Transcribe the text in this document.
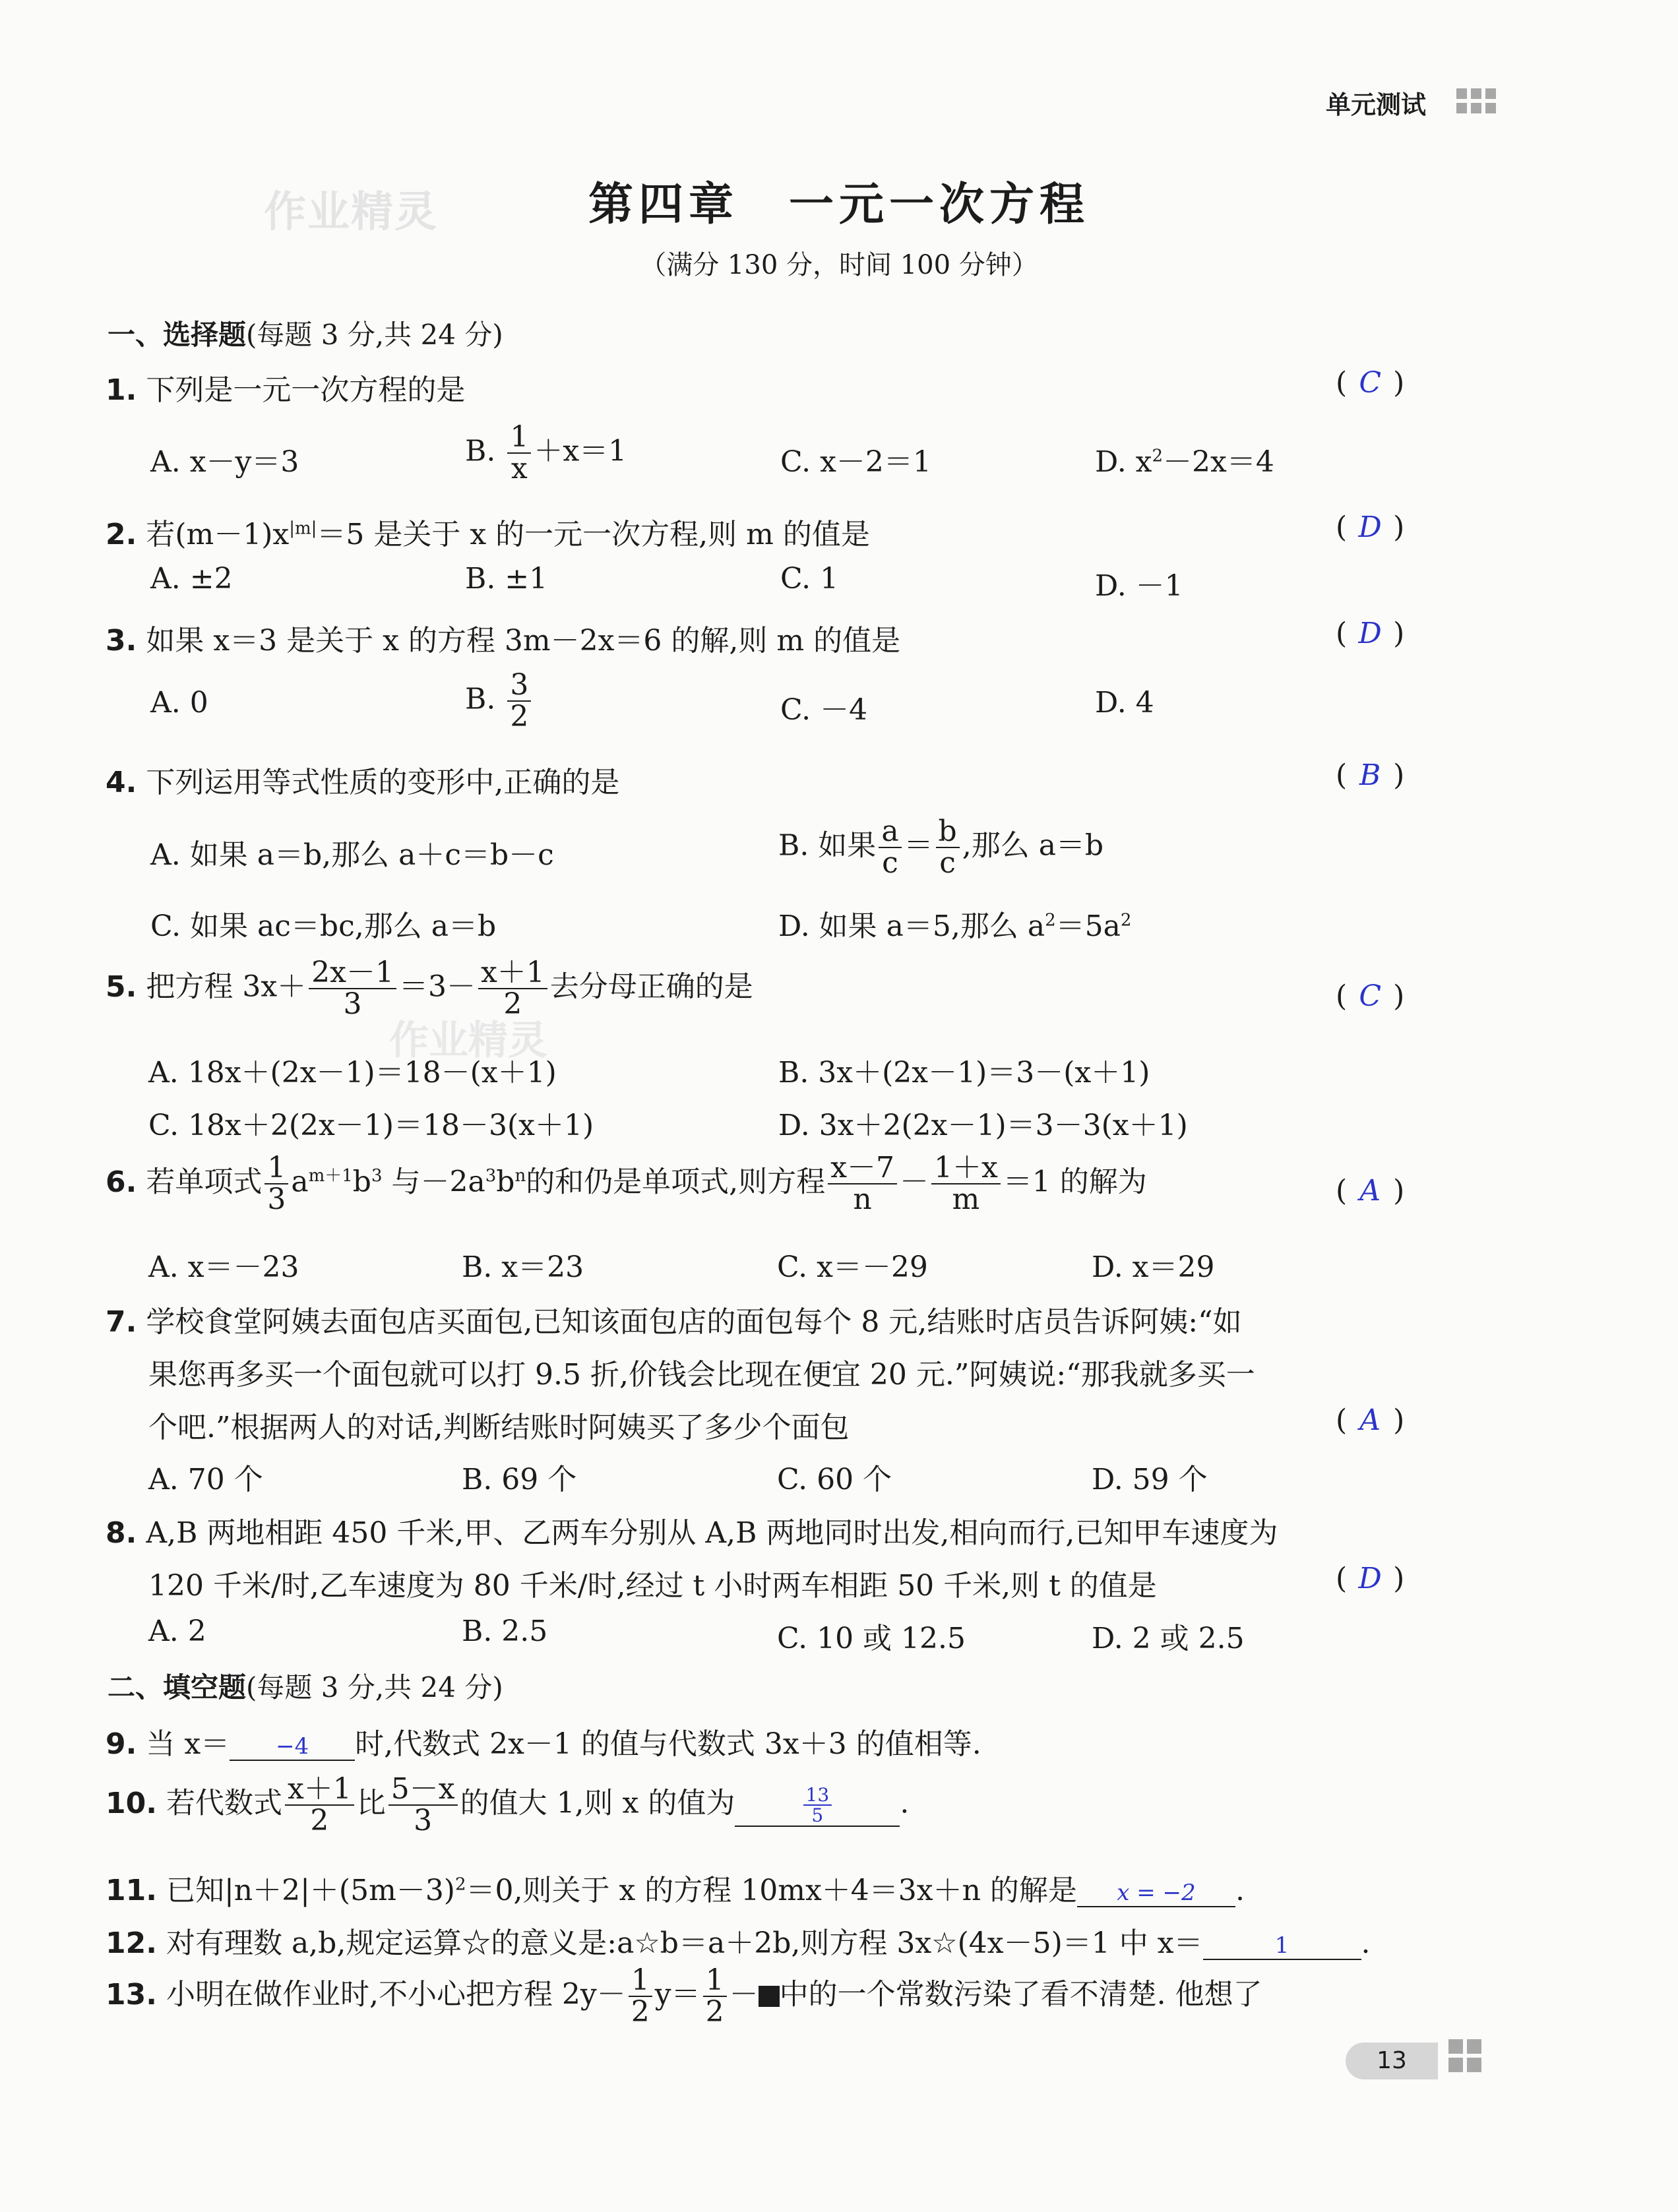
单元测试
作业精灵
作业精灵
第四章　一元一次方程
（满分 130 分，时间 100 分钟）
一、选择题(每题 3 分,共 24 分)
1. 下列是一元一次方程的是	( C )
A. x－y＝3	B. $\frac{1}{x} +x=1$	C. x－2＝1	D. $x^2-2x=4$
2. 若$(m-1)x^{|m|}=5$ 是关于 x 的一元一次方程,则 m 的值是	( D )
A. ±2	B. ±1	C. 1	D. －1
3. 如果 x＝3 是关于 x 的方程 3m－2x＝6 的解,则 m 的值是	( D )
A. 0	B. $\frac{3}{2}$	C. －4	D. 4
4. 下列运用等式性质的变形中,正确的是	( B )
A. 如果 a＝b,那么 a＋c＝b－c	B. 如果 $\frac{a}{c} = \frac{b}{c}$ ,那么 a＝b
C. 如果 ac＝bc,那么 a＝b	D. 如果 a＝5,那么 $a^2=5a^2$
5. 把方程 $3x+ \frac{2x-1}{3} =3- \frac{x+1}{2}$ 去分母正确的是	( C )
A. 18x＋(2x－1)＝18－(x＋1)	B. 3x＋(2x－1)＝3－(x＋1)
C. 18x＋2(2x－1)＝18－3(x＋1)	D. 3x＋2(2x－1)＝3－3(x＋1)
6. 若单项式 $\frac{1}{3} a^{m+1}b^3$ 与$-2a^3b^n$的和仍是单项式,则方程 $\frac{x-7}{n} - \frac{1+x}{m} =1$ 的解为	( A )
A. x＝－23	B. x＝23	C. x＝－29	D. x＝29
7. 学校食堂阿姨去面包店买面包,已知该面包店的面包每个 8 元,结账时店员告诉阿姨:“如
果您再多买一个面包就可以打 9.5 折,价钱会比现在便宜 20 元.”阿姨说:“那我就多买一
个吧.”根据两人的对话,判断结账时阿姨买了多少个面包	( A )
A. 70 个	B. 69 个	C. 60 个	D. 59 个
8. A,B 两地相距 450 千米,甲、乙两车分别从 A,B 两地同时出发,相向而行,已知甲车速度为
120 千米/时,乙车速度为 80 千米/时,经过 t 小时两车相距 50 千米,则 t 的值是	( D )
A. 2	B. 2.5	C. 10 或 12.5	D. 2 或 2.5
二、填空题(每题 3 分,共 24 分)
9. 当 x＝ −4 时,代数式 2x－1 的值与代数式 3x＋3 的值相等.
10. 若代数式 $\frac{x+1}{2}$ 比 $\frac{5-x}{3}$ 的值大 1,则 x 的值为	$\frac{13}{5}$ .
11. 已知$|n+2|+(5m-3)^2=0$,则关于 x 的方程 10mx＋4＝3x＋n 的解是 x = −2 .
12. 对有理数 a,b,规定运算☆的意义是:a☆b＝a＋2b,则方程 3x☆(4x－5)＝1 中 x＝	1 .
13. 小明在做作业时,不小心把方程 $2y- \frac{1}{2} y= \frac{1}{2}$ － 中的一个常数污染了看不清楚. 他想了
13
